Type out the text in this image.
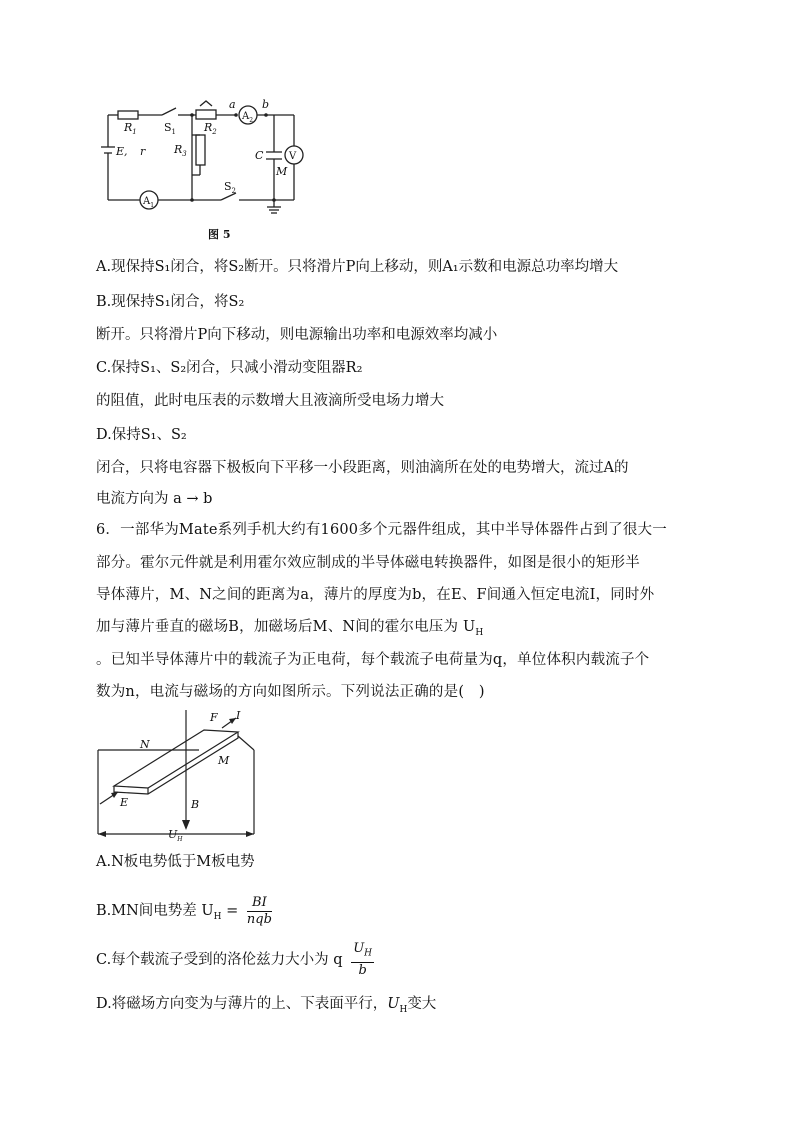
$R_1$ $S_1$	$R_2$
a b
$A_2$
E, r	$R_3$	C
M
V
$A_1$
$S_2$
图 5
A.现保持S₁闭合，将S₂断开。只将滑片P向上移动，则A₁示数和电源总功率均增大
B.现保持S₁闭合，将S₂
断开。只将滑片P向下移动，则电源输出功率和电源效率均减小
C.保持S₁、S₂闭合，只减小滑动变阻器R₂
的阻值，此时电压表的示数增大且液滴所受电场力增大
D.保持S₁、S₂
闭合，只将电容器下极板向下平移一小段距离，则油滴所在处的电势增大，流过A的
电流方向为 a → b
6．一部华为Mate系列手机大约有1600多个元器件组成，其中半导体器件占到了很大一
部分。霍尔元件就是利用霍尔效应制成的半导体磁电转换器件，如图是很小的矩形半
导体薄片，M、N之间的距离为a，薄片的厚度为b，在E、F间通入恒定电流I，同时外
加与薄片垂直的磁场B，加磁场后M、N间的霍尔电压为 $U_H$
。已知半导体薄片中的载流子为正电荷，每个载流子电荷量为q，单位体积内载流子个
数为n，电流与磁场的方向如图所示。下列说法正确的是(　)
F I
N
M
E	B
$U_H$
A.N板电势低于M板电势
B.MN间电势差 $U_H = \frac{BI}{\text{nqb}}$
C.每个载流子受到的洛伦兹力大小为 q $\frac{U_H}{b}$
D.将磁场方向变为与薄片的上、下表面平行，$U_H$变大
